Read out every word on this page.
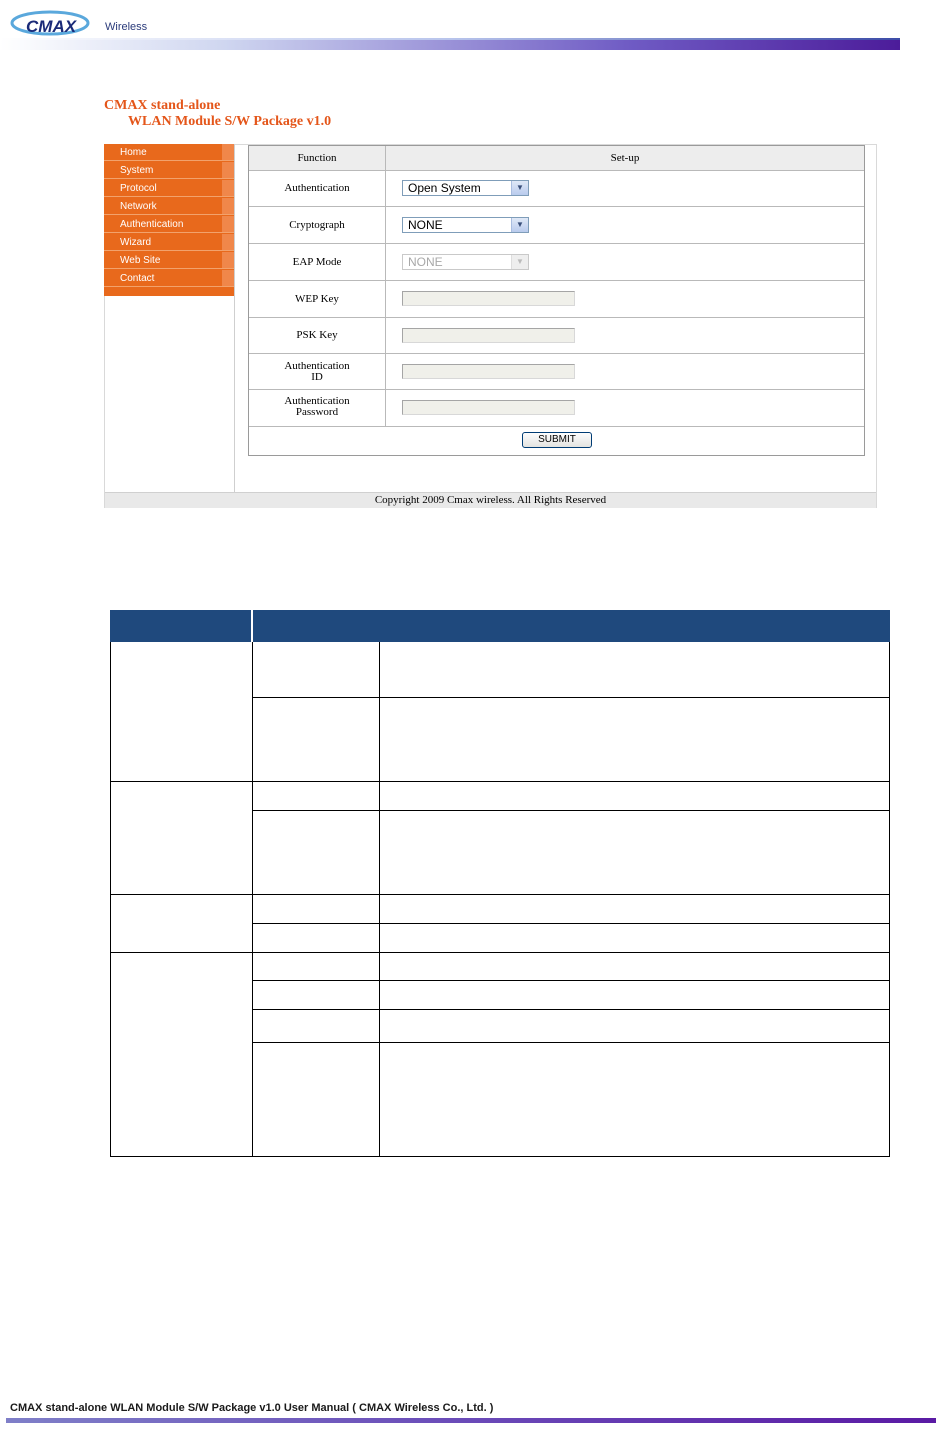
CMAX	Wireless
CMAX stand-alone
WLAN Module S/W Package v1.0
Home
System
Protocol
Network
Authentication
Wizard
Web Site
Contact
Function	Set-up
Authentication	Open System	▼
Cryptograph	NONE	▼
EAP Mode	NONE	▼
WEP Key
PSK Key
Authentication
ID
Authentication
Password
SUBMIT
Copyright 2009 Cmax wireless. All Rights Reserved
CMAX stand-alone WLAN Module S/W Package v1.0 User Manual ( CMAX Wireless Co., Ltd. )
